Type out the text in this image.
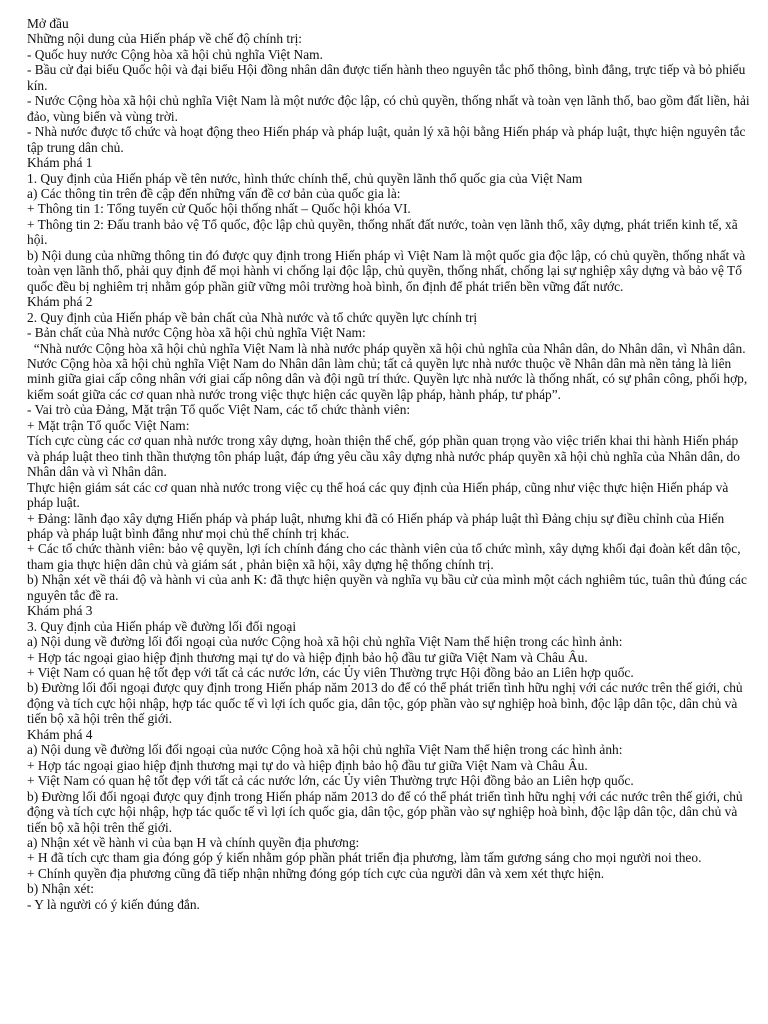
Mở đầu

Những nội dung của Hiến pháp về chế độ chính trị:

- Quốc huy nước Cộng hòa xã hội chủ nghĩa Việt Nam.

- Bầu cử đại biểu Quốc hội và đại biểu Hội đồng nhân dân được tiến hành theo nguyên tắc phổ thông, bình đẳng, trực tiếp và bỏ phiếu kín.

- Nước Cộng hòa xã hội chủ nghĩa Việt Nam là một nước độc lập, có chủ quyền, thống nhất và toàn vẹn lãnh thổ, bao gồm đất liền, hải đảo, vùng biển và vùng trời.

- Nhà nước được tổ chức và hoạt động theo Hiến pháp và pháp luật, quản lý xã hội bằng Hiến pháp và pháp luật, thực hiện nguyên tắc tập trung dân chủ.

Khám phá 1

1. Quy định của Hiến pháp về tên nước, hình thức chính thể, chủ quyền lãnh thổ quốc gia của Việt Nam

a) Các thông tin trên đề cập đến những vấn đề cơ bản của quốc gia là:

+ Thông tin 1: Tổng tuyển cử Quốc hội thống nhất – Quốc hội khóa VI.

+ Thông tin 2: Đấu tranh bảo vệ Tổ quốc, độc lập chủ quyền, thống nhất đất nước, toàn vẹn lãnh thổ, xây dựng, phát triển kinh tế, xã hội.

b) Nội dung của những thông tin đó được quy định trong Hiến pháp vì Việt Nam là một quốc gia độc lập, có chủ quyền, thống nhất và toàn vẹn lãnh thổ, phải quy định để mọi hành vi chống lại độc lập, chủ quyền, thống nhất, chống lại sự nghiệp xây dựng và bảo vệ Tổ quốc đều bị nghiêm trị nhằm góp phần giữ vững môi trường hoà bình, ổn định để phát triển bền vững đất nước.

Khám phá 2

2. Quy định của Hiến pháp về bản chất của Nhà nước và tổ chức quyền lực chính trị

- Bản chất của Nhà nước Cộng hòa xã hội chủ nghĩa Việt Nam:

“Nhà nước Cộng hòa xã hội chủ nghĩa Việt Nam là nhà nước pháp quyền xã hội chủ nghĩa của Nhân dân, do Nhân dân, vì Nhân dân. Nước Cộng hòa xã hội chủ nghĩa Việt Nam do Nhân dân làm chủ; tất cả quyền lực nhà nước thuộc về Nhân dân mà nền tảng là liên minh giữa giai cấp công nhân với giai cấp nông dân và đội ngũ trí thức. Quyền lực nhà nước là thống nhất, có sự phân công, phối hợp, kiểm soát giữa các cơ quan nhà nước trong việc thực hiện các quyền lập pháp, hành pháp, tư pháp”.

- Vai trò của Đảng, Mặt trận Tổ quốc Việt Nam, các tổ chức thành viên:

+ Mặt trận Tổ quốc Việt Nam:

Tích cực cùng các cơ quan nhà nước trong xây dựng, hoàn thiện thể chế, góp phần quan trọng vào việc triển khai thi hành Hiến pháp và pháp luật theo tinh thần thượng tôn pháp luật, đáp ứng yêu cầu xây dựng nhà nước pháp quyền xã hội chủ nghĩa của Nhân dân, do Nhân dân và vì Nhân dân.

Thực hiện giám sát các cơ quan nhà nước trong việc cụ thể hoá các quy định của Hiến pháp, cũng như việc thực hiện Hiến pháp và pháp luật.

+ Đảng: lãnh đạo xây dựng Hiến pháp và pháp luật, nhưng khi đã có Hiến pháp và pháp luật thì Đảng chịu sự điều chỉnh của Hiến pháp và pháp luật bình đẳng như mọi chủ thể chính trị khác.

+ Các tổ chức thành viên: bảo vệ quyền, lợi ích chính đáng cho các thành viên của tổ chức mình, xây dựng khối đại đoàn kết dân tộc, tham gia thực hiện dân chủ và giám sát , phản biện xã hội, xây dựng hệ thống chính trị.

b) Nhận xét về thái độ và hành vi của anh K: đã thực hiện quyền và nghĩa vụ bầu cử của mình một cách nghiêm túc, tuân thủ đúng các nguyên tắc đề ra.

Khám phá 3

3. Quy định của Hiến pháp về đường lối đối ngoại

a) Nội dung về đường lối đối ngoại của nước Cộng hoà xã hội chủ nghĩa Việt Nam thể hiện trong các hình ảnh:

+ Hợp tác ngoại giao hiệp định thương mại tự do và hiệp định bảo hộ đầu tư giữa Việt Nam và Châu Âu.

+ Việt Nam có quan hệ tốt đẹp với tất cả các nước lớn, các Ủy viên Thường trực Hội đồng bảo an Liên hợp quốc.

b) Đường lối đối ngoại được quy định trong Hiến pháp năm 2013 do để có thể phát triển tình hữu nghị với các nước trên thế giới, chủ động và tích cực hội nhập, hợp tác quốc tế vì lợi ích quốc gia, dân tộc, góp phần vào sự nghiệp hoà bình, độc lập dân tộc, dân chủ và tiến bộ xã hội trên thế giới.

Khám phá 4

a) Nội dung về đường lối đối ngoại của nước Cộng hoà xã hội chủ nghĩa Việt Nam thể hiện trong các hình ảnh:

+ Hợp tác ngoại giao hiệp định thương mại tự do và hiệp định bảo hộ đầu tư giữa Việt Nam và Châu Âu.

+ Việt Nam có quan hệ tốt đẹp với tất cả các nước lớn, các Ủy viên Thường trực Hội đồng bảo an Liên hợp quốc.

b) Đường lối đối ngoại được quy định trong Hiến pháp năm 2013 do để có thể phát triển tình hữu nghị với các nước trên thế giới, chủ động và tích cực hội nhập, hợp tác quốc tế vì lợi ích quốc gia, dân tộc, góp phần vào sự nghiệp hoà bình, độc lập dân tộc, dân chủ và tiến bộ xã hội trên thế giới.

a) Nhận xét về hành vi của bạn H và chính quyền địa phương:

+ H đã tích cực tham gia đóng góp ý kiến nhằm góp phần phát triển địa phương, làm tấm gương sáng cho mọi người noi theo.

+ Chính quyền địa phương cũng đã tiếp nhận những đóng góp tích cực của người dân và xem xét thực hiện.

b) Nhận xét:

- Y là người có ý kiến đúng đắn.
